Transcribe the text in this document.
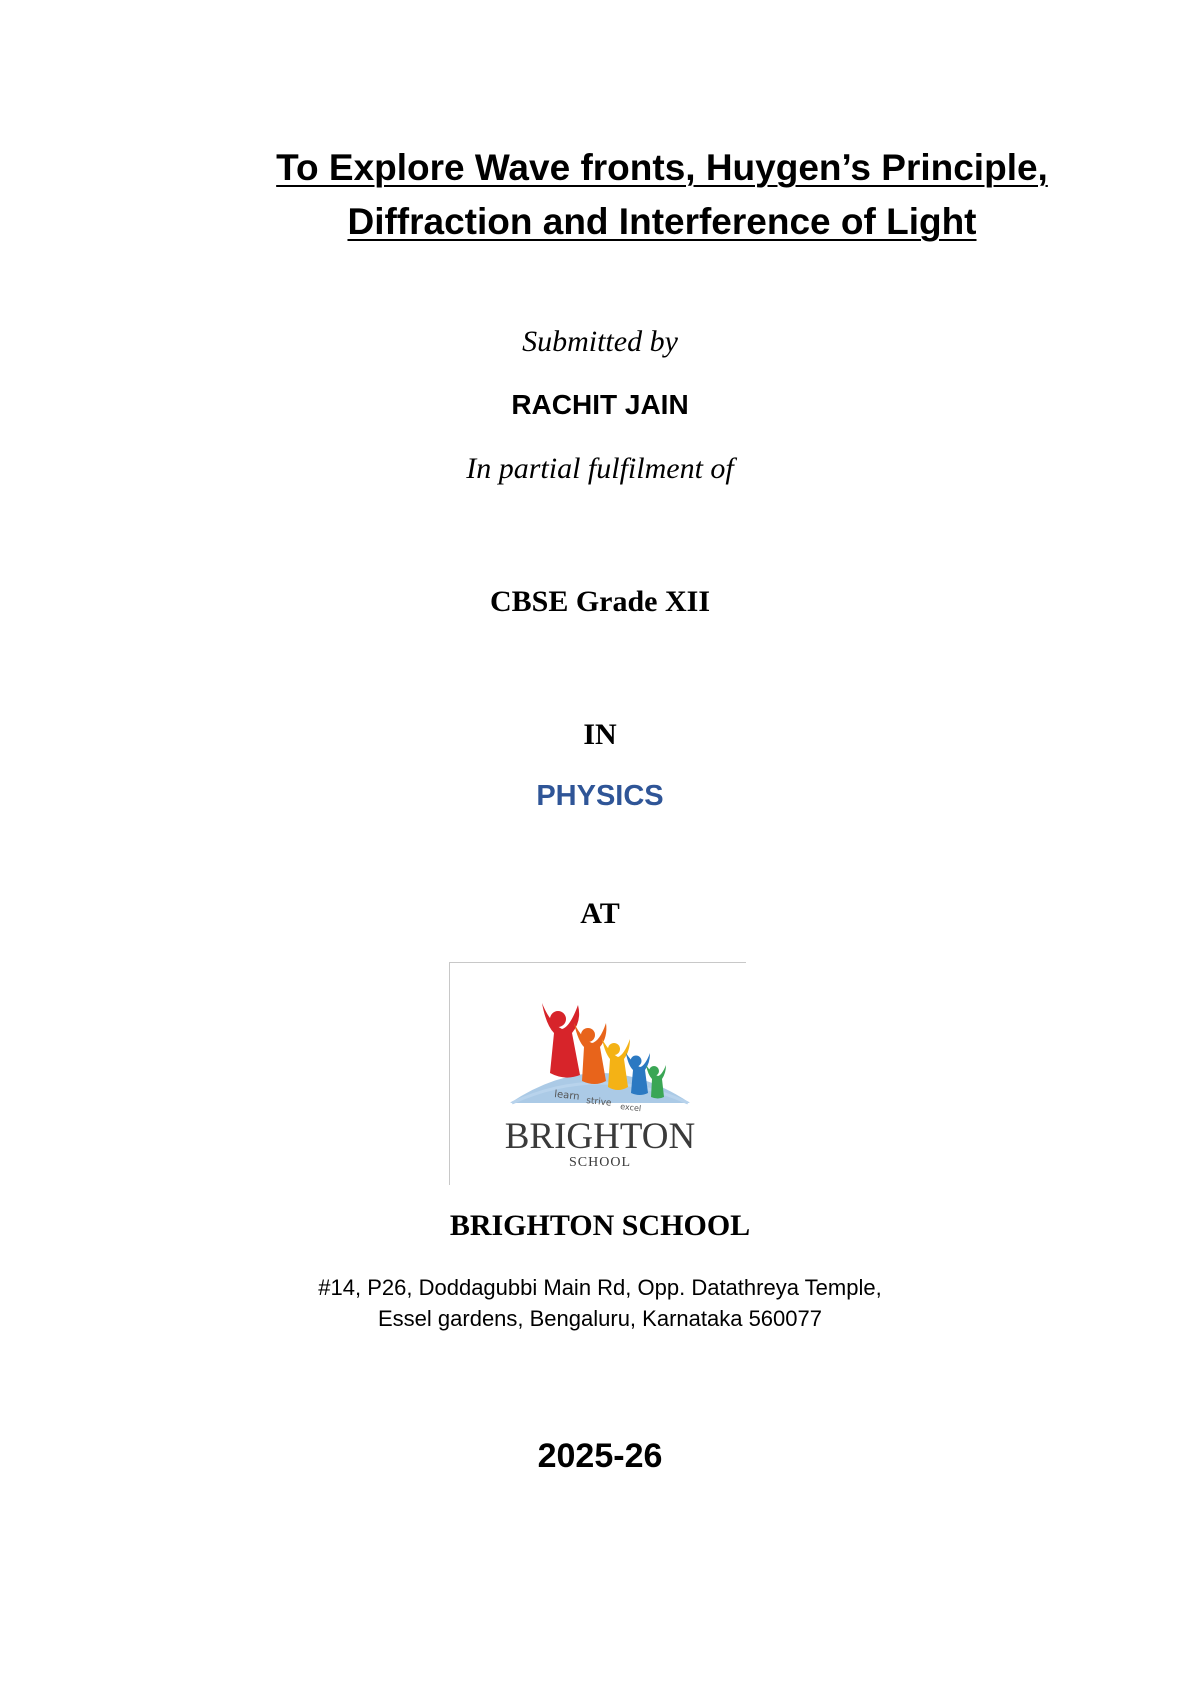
To Explore Wave fronts, Huygen’s Principle,
Diffraction and Interference of Light
Submitted by
RACHIT JAIN
In partial fulfilment of
CBSE Grade XII
IN
PHYSICS
AT
learn strive excel
BRIGHTON
SCHOOL
BRIGHTON SCHOOL
#14, P26, Doddagubbi Main Rd, Opp. Datathreya Temple,
Essel gardens, Bengaluru, Karnataka 560077
2025-26
